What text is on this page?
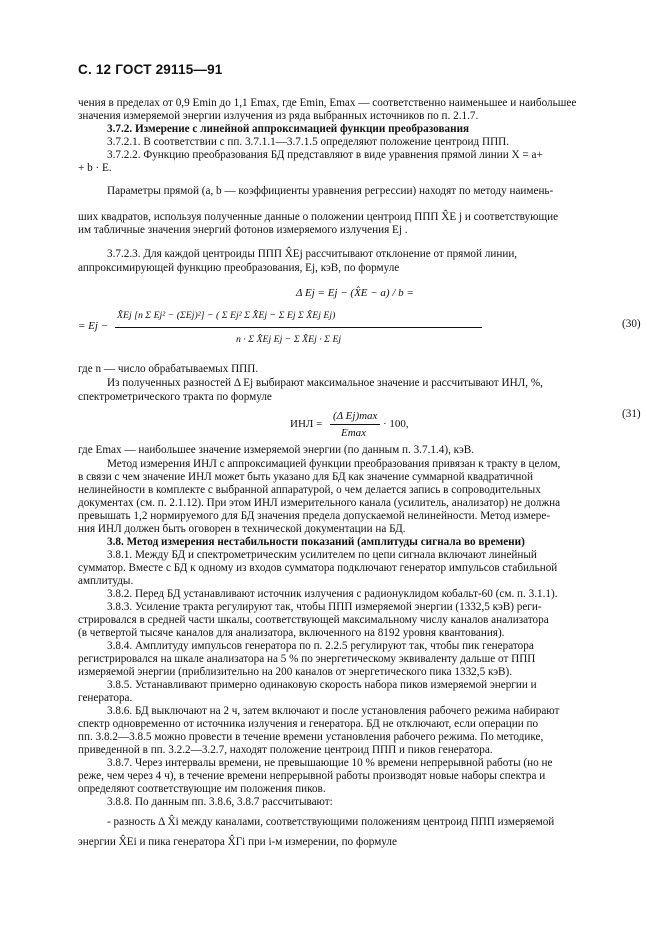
С. 12 ГОСТ 29115—91
чения в пределах от 0,9 Emin до 1,1 Emax, где Emin, Emax — соответственно наименьшее и наибольшее
значения измеряемой энергии излучения из ряда выбранных источников по п. 2.1.7.
3.7.2. Измерение с линейной аппроксимацией функции преобразования
3.7.2.1. В соответствии с пп. 3.7.1.1—3.7.1.5 определяют положение центроид ППП.
3.7.2.2. Функцию преобразования БД представляют в виде уравнения прямой линии X = a+
+ b · E.
Параметры прямой (a, b — коэффициенты уравнения регрессии) находят по методу наимень-
ших квадратов, используя полученные данные о положении центроид ППП X̂E j и соответствующие
им табличные значения энергий фотонов измеряемого излучения Ej .
3.7.2.3. Для каждой центроиды ППП X̂Ej рассчитывают отклонение от прямой линии,
аппроксимирующей функцию преобразования, Ej, кэВ, по формуле
Δ Ej = Ej − (X̂E − a) / b =
= Ej −
X̂Ej [n Σ Ej² − (ΣEj)²] − ( Σ Ej² Σ X̂Ej − Σ Ej Σ X̂Ej Ej)
n · Σ X̂Ej Ej − Σ X̂Ej · Σ Ej
(30)
где n — число обрабатываемых ППП.
Из полученных разностей Δ Ej выбирают максимальное значение и рассчитывают ИНЛ, %,
спектрометрического тракта по формуле
ИНЛ =
(Δ Ej)max
Emax
· 100,
(31)
где Emax — наибольшее значение измеряемой энергии (по данным п. 3.7.1.4), кэВ.
Метод измерения ИНЛ с аппроксимацией функции преобразования привязан к тракту в целом,
в связи с чем значение ИНЛ может быть указано для БД как значение суммарной квадратичной
нелинейности в комплекте с выбранной аппаратурой, о чем делается запись в сопроводительных
документах (см. п. 2.1.12). При этом ИНЛ измерительного канала (усилитель, анализатор) не должна
превышать 1,2 нормируемого для БД значения предела допускаемой нелинейности. Метод измере-
ния ИНЛ должен быть оговорен в технической документации на БД.
3.8. Метод измерения нестабильности показаний (амплитуды сигнала во времени)
3.8.1. Между БД и спектрометрическим усилителем по цепи сигнала включают линейный
сумматор. Вместе с БД к одному из входов сумматора подключают генератор импульсов стабильной
амплитуды.
3.8.2. Перед БД устанавливают источник излучения с радионуклидом кобальт-60 (см. п. 3.1.1).
3.8.3. Усиление тракта регулируют так, чтобы ППП измеряемой энергии (1332,5 кэВ) реги-
стрировался в средней части шкалы, соответствующей максимальному числу каналов анализатора
(в четвертой тысяче каналов для анализатора, включенного на 8192 уровня квантования).
3.8.4. Амплитуду импульсов генератора по п. 2.2.5 регулируют так, чтобы пик генератора
регистрировался на шкале анализатора на 5 % по энергетическому эквиваленту дальше от ППП
измеряемой энергии (приблизительно на 200 каналов от энергетического пика 1332,5 кэВ).
3.8.5. Устанавливают примерно одинаковую скорость набора пиков измеряемой энергии и
генератора.
3.8.6. БД выключают на 2 ч, затем включают и после установления рабочего режима набирают
спектр одновременно от источника излучения и генератора. БД не отключают, если операции по
пп. 3.8.2—3.8.5 можно провести в течение времени установления рабочего режима. По методике,
приведенной в пп. 3.2.2—3.2.7, находят положение центроид ППП и пиков генератора.
3.8.7. Через интервалы времени, не превышающие 10 % времени непрерывной работы (но не
реже, чем через 4 ч), в течение времени непрерывной работы производят новые наборы спектра и
определяют соответствующие им положения пиков.
3.8.8. По данным пп. 3.8.6, 3.8.7 рассчитывают:
- разность Δ X̂i между каналами, соответствующими положениям центроид ППП измеряемой
энергии X̂Ei и пика генератора X̂Гi при i-м измерении, по формуле
